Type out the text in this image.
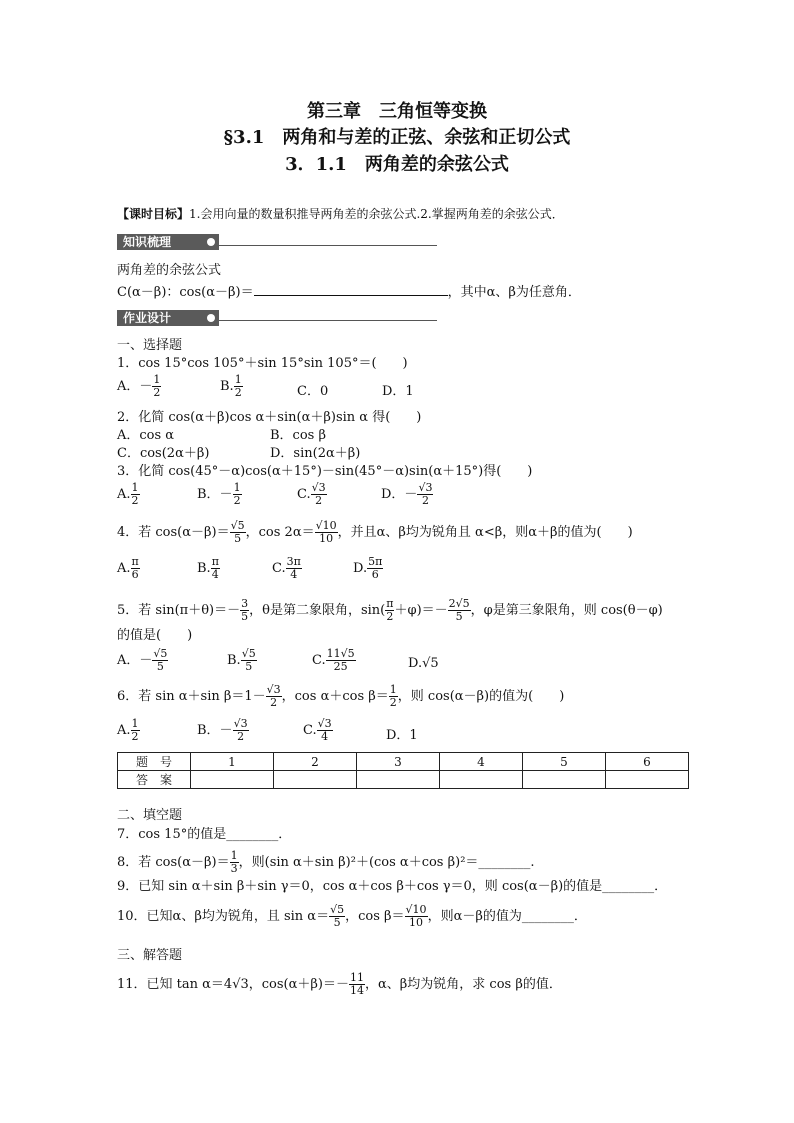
第三章　三角恒等变换
§3.1　两角和与差的正弦、余弦和正切公式
3．1.1　两角差的余弦公式
【课时目标】1.会用向量的数量积推导两角差的余弦公式.2.掌握两角差的余弦公式．
知识梳理
两角差的余弦公式
C(α－β)：cos(α－β)＝	，其中α、β为任意角．
作业设计
一、选择题
1．cos 15°cos 105°＋sin 15°sin 105°＝(　　)
A．－ $\frac{1}{2}$	B. $\frac{1}{2}$	C．0	D．1
2．化简 cos(α＋β)cos α＋sin(α＋β)sin α 得(　　)
A．cos α	B．cos β
C．cos(2α＋β)	D．sin(2α＋β)
3．化简 cos(45°－α)cos(α＋15°)－sin(45°－α)sin(α＋15°)得(　　)
A. $\frac{1}{2}$	B．－ $\frac{1}{2}$	C. $\frac{√3}{2}$	D．－ $\frac{√3}{2}$
4．若 $\cos(\alpha-\beta)= \frac{√5}{5}$ ，$\cos 2\alpha= \frac{√10}{10}$ ，并且α、β均为锐角且 α<β，则α＋β的值为(　　)
A. $\frac{\pi}{6}$	B. $\frac{\pi}{4}$	C. $\frac{3\pi}{4}$	D. $\frac{5\pi}{6}$
5．若 $\sin(\pi+\theta)=- \frac{3}{5}$ ，θ是第二象限角，$\sin( \frac{\pi}{2} +\varphi)=- \frac{2√5}{5}$ ，φ是第三象限角，则 cos(θ－φ)
的值是(　　)
A．－ $\frac{√5}{5}$	B. $\frac{√5}{5}$	C. $\frac{11√5}{25}$	D.√5
6．若 sin α＋sin $\beta=1- \frac{√3}{2}$ ，cos α＋cos $\beta= \frac{1}{2}$ ，则 cos(α－β)的值为(　　)
A. $\frac{1}{2}$	B．－ $\frac{√3}{2}$	C. $\frac{√3}{4}$	D．1
题　号	1	2	3	4	5	6
答　案						
二、填空题
7．cos 15°的值是________．
8．若 $\cos(\alpha-\beta)= \frac{1}{3}$ ，则(sin α＋sin β)²＋(cos α＋cos β)²＝________.
9．已知 sin α＋sin β＋sin γ＝0，cos α＋cos β＋cos γ＝0，则 cos(α－β)的值是________．
10．已知α、β均为锐角，且 $\sin \alpha= \frac{√5}{5}$ ，$\cos \beta= \frac{√10}{10}$ ，则α－β的值为________．
三、解答题
11．已知 tan α＝4√3，$\cos(\alpha+\beta)=- \frac{11}{14}$ ，α、β均为锐角，求 cos β的值．
